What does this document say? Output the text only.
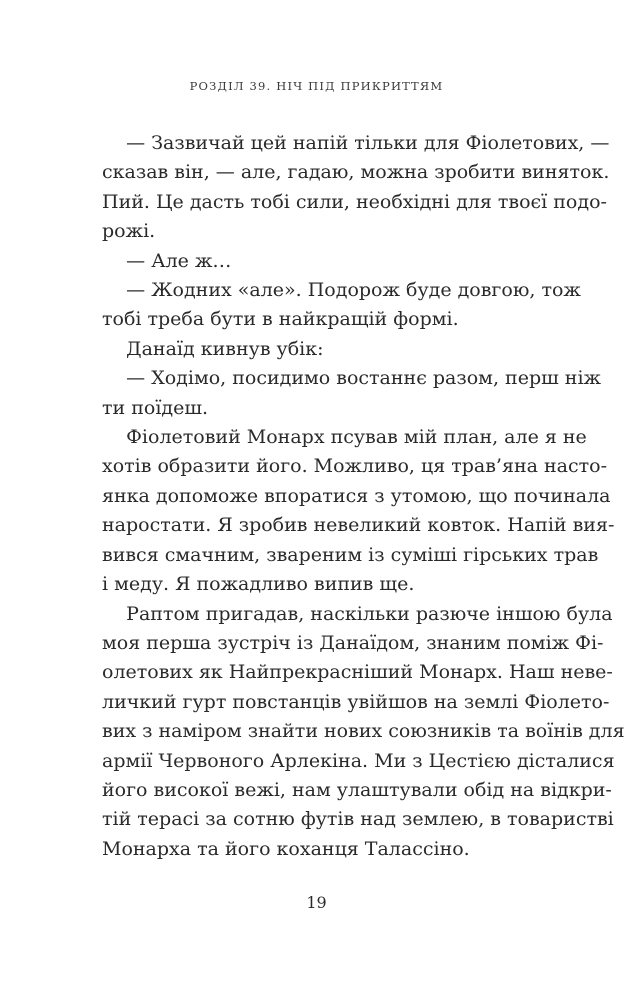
РОЗДІЛ 39. НІЧ ПІД ПРИКРИТТЯМ
— Зазвичай цей напій тільки для Фіолетових, —
сказав він, — але, гадаю, можна зробити виняток.
Пий. Це дасть тобі сили, необхідні для твоєї подо-
рожі.
— Але ж…
— Жодних «але». Подорож буде довгою, тож
тобі треба бути в найкращій формі.
Данаїд кивнув убік:
— Ходімо, посидимо востаннє разом, перш ніж
ти поїдеш.
Фіолетовий Монарх псував мій план, але я не
хотів образити його. Можливо, ця трав’яна насто-
янка допоможе впоратися з утомою, що починала
наростати. Я зробив невеликий ковток. Напій вия-
вився смачним, звареним із суміші гірських трав
і меду. Я пожадливо випив ще.
Раптом пригадав, наскільки разюче іншою була
моя перша зустріч із Данаїдом, знаним поміж Фі-
олетових як Найпрекрасніший Монарх. Наш неве-
личкий гурт повстанців увійшов на землі Фіолето-
вих з наміром знайти нових союзників та воїнів для
армії Червоного Арлекіна. Ми з Цестією дісталися
його високої вежі, нам улаштували обід на відкри-
тій терасі за сотню футів над землею, в товаристві
Монарха та його коханця Талассіно.
19
